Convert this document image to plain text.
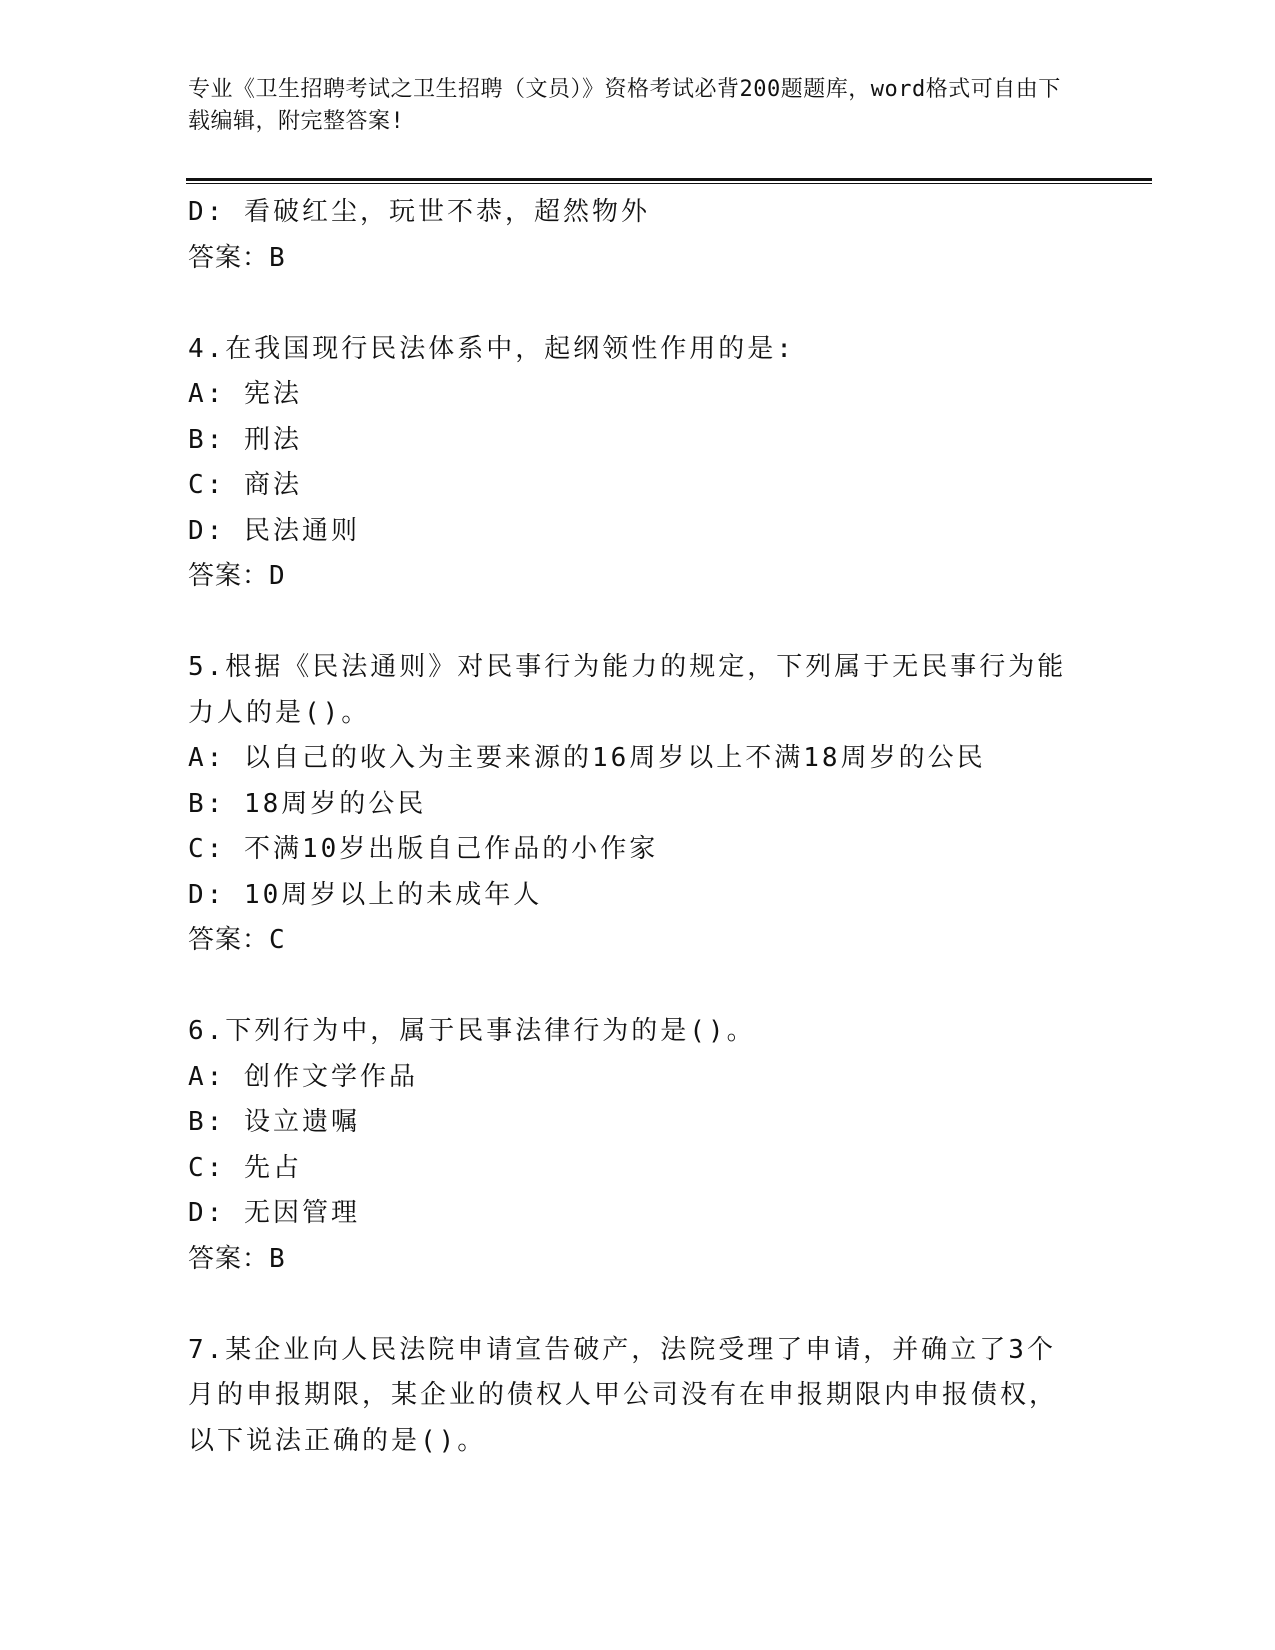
专业《卫生招聘考试之卫生招聘（文员）》资格考试必背200题题库，word格式可自由下载编辑，附完整答案!
D: 看破红尘，玩世不恭，超然物外
答案：B
4.在我国现行民法体系中，起纲领性作用的是:
A: 宪法
B: 刑法
C: 商法
D: 民法通则
答案：D
5.根据《民法通则》对民事行为能力的规定，下列属于无民事行为能力人的是()。
A: 以自己的收入为主要来源的16周岁以上不满18周岁的公民
B: 18周岁的公民
C: 不满10岁出版自己作品的小作家
D: 10周岁以上的未成年人
答案：C
6.下列行为中，属于民事法律行为的是()。
A: 创作文学作品
B: 设立遗嘱
C: 先占
D: 无因管理
答案：B
7.某企业向人民法院申请宣告破产，法院受理了申请，并确立了3个月的申报期限，某企业的债权人甲公司没有在申报期限内申报债权，以下说法正确的是()。
